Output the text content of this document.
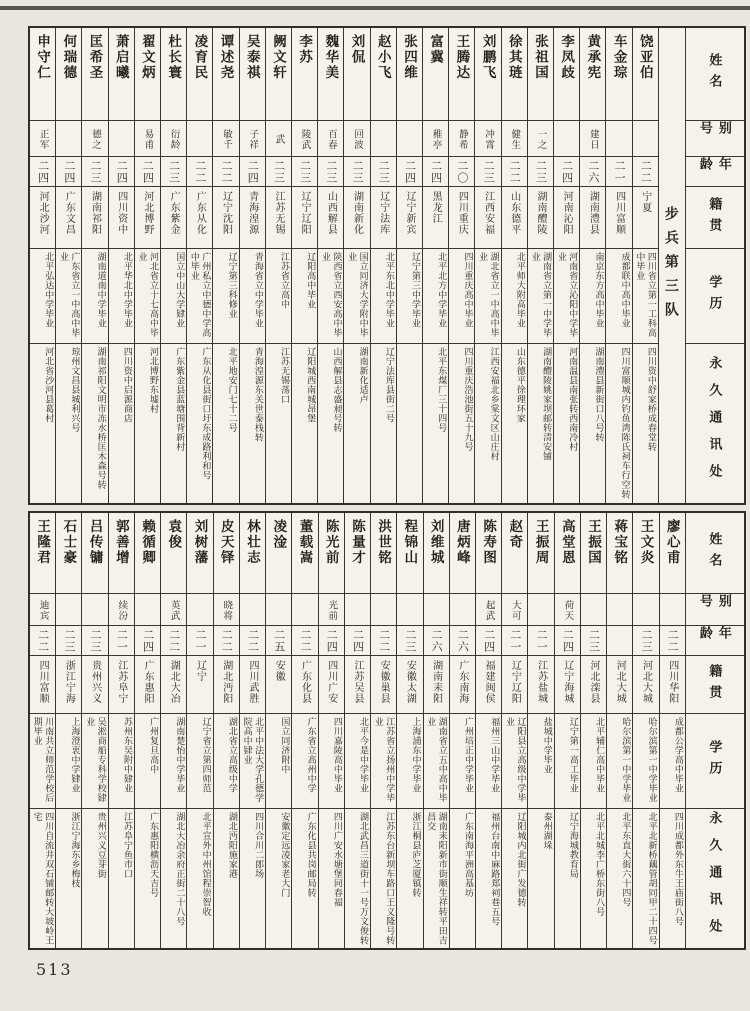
申守仁
正军
二四
河北沙河
北平弘达中学毕业
河北省沙河县葛村
何瑞德
二四
广东文昌
广东省立一中高中毕业
琼州文昌县城利兴号
匡希圣
德之
二三
湖南祁阳
湖南道南中学毕业
湖南祁阳文明市冻水桥匡木森号转
萧启曦
二四
四川资中
北平华北中学毕业
四川资中启源商店
翟文炳
易甫
二四
河北博野
河北省立十七高中毕业
河北博野东墟村
杜长寰
衍龄
二三
广东紫金
国立中山大学肄业
广东紫金县蓝塘围背新村
凌育民
二二
广东从化
广州私立中德中学高中毕业
广东从化县街口圩东成路利和号
谭述尧
敏千
二二
辽宁沈阳
辽宁第三科修业
北平地安门七十二号
吴泰祺
子祥
二四
青海湟源
青海省立中学毕业
青海湟源东关世泰栈转
阙文轩
武
二三
江苏无锡
江苏省立高中
江苏无锡荡口
李苏
陵武
二三
辽宁辽阳
辽阳高中毕业
辽阳城西南城昂堡
魏华美
百春
二三
山西解县
陕西省立西安高中毕业
山西解县志盛昶号转
刘侃
回波
二三
湖南新化
国立同济大学附中毕业
湖南新化适卢
赵小飞
二三
辽宁法库
北平东北中学毕业
辽宁法库县街二号
张四维
二四
辽宁新宾
辽宁第三中学毕业
富冀
稚亭
二四
黑龙江
北平北方中学毕业
北平东煤厂三十四号
王腾达
静希
二〇
四川重庆
四川重庆高中毕业
四川重庆浩池街五十九号
刘鹏飞
冲霄
二三
江西安福
湖北省立一中高中毕业
江西安福北乡棠文区山庄村
徐其琏
健生
二二
山东德平
北平师大附高毕业
山东德平徐理环家
张祖国
一之
二三
湖南醴陵
湖南省立第一中学毕业
湖南醴陵姚家坝邮转清安铺
李凤歧
二四
河南沁阳
河南省立沁阳中学毕业
河南温县南张转西南冷村
黄承宪
建日
二六
湖南澧县
南京东方高中毕业
湖南澧县新街口八号转
车金琮
二一
四川富顺
成都联中高中毕业
四川富顺城内钓鱼湾陈氏祠车行空转
饶亚伯
二二
宁夏
四川省立第一工科高中毕业
四川资中舒家桥成春堂转
步兵第三队
姓名
别号
年龄
籍贯
学历
永久通讯处
王隆君
迪宾
二二
四川富顺
川南共立师范学校后期毕业
四川自流井双石铺邮转大坡岭王宅
石士豪
二三
浙江宁海
上海澄衷中学肄业
浙江宁海东乡梅枝
吕传镛
二三
贵州兴义
吴淞商船专科学校肄业
贵州兴义豆芽街
郭善增
续汾
二一
江苏阜宁
苏州东吴附中肄业
江苏阜宁鱼市口
赖循卿
二四
广东惠阳
广州复旦高中
广东惠阳横沥天吉号
袁俊
英武
二二
湖北大冶
湖南楚怡中学毕业
湖北大冶余府正街二十八号
刘树藩
二一
辽宁
辽宁省立第四师范
北平宣外中州馆程崇智收
皮天铎
晓将
二二
湖北沔阳
湖北省立高级中学
湖北沔阳施家港
林壮志
二二
四川武胜
北平中法大学孔德学院高中肄业
四川合川二郎场
凌淦
二五
安徽
国立同济附中
安徽定远凌家老大门
董载嵩
二二
广东化县
广东省立高州中学
广东化县共岗邮局转
陈光前
光前
二四
四川广安
四川嘉陵高中毕业
四川广安水塘堡同春福
陈量才
二四
江苏吴县
北平今是中学毕业
湖北武昌三道街十一号万文俊转
洪世铭
二二
安徽巢县
江苏省立扬州中学毕业
江苏东台新坝车路口王义隆号转
程锦山
二三
安徽太湖
上海浦东中学毕业
浙江桐县庐芝厦镇转
刘维城
二六
湖南耒阳
湖南省立五中高中毕业
湖南耒阳新市街顺生祥转平田吉昌交
唐炳峰
二六
广东南海
广州培正中学毕业
广东南海平洲高基坊
陈寿图
起武
二四
福建闽侯
福州三山中学毕业
福州台南中麻路郑祠巷五号
赵奇
大可
二一
辽宁辽阳
辽阳县立高级中学毕业
辽阳城内北街广发德转
王振周
二一
江苏盐城
盐城中学毕业
泰州湖垛
高堂恩
荷天
二四
辽宁海城
辽宁第一高工毕业
辽宁海城教育局
王振国
二三
河北滦县
北平辅仁高中毕业
北平北城李广桥东街八号
蒋宝铭
河北大城
哈尔滨第一中学毕业
北平东直大街六十四号
王文炎
二三
河北大城
哈尔滨第一中学毕业
北平北新桥藕管胡同甲二十四号
廖心甫
二二
四川华阳
成都公学高中毕业
四川成都外东牛王庙街八号
姓名
别号
年龄
籍贯
学历
永久通讯处
513
